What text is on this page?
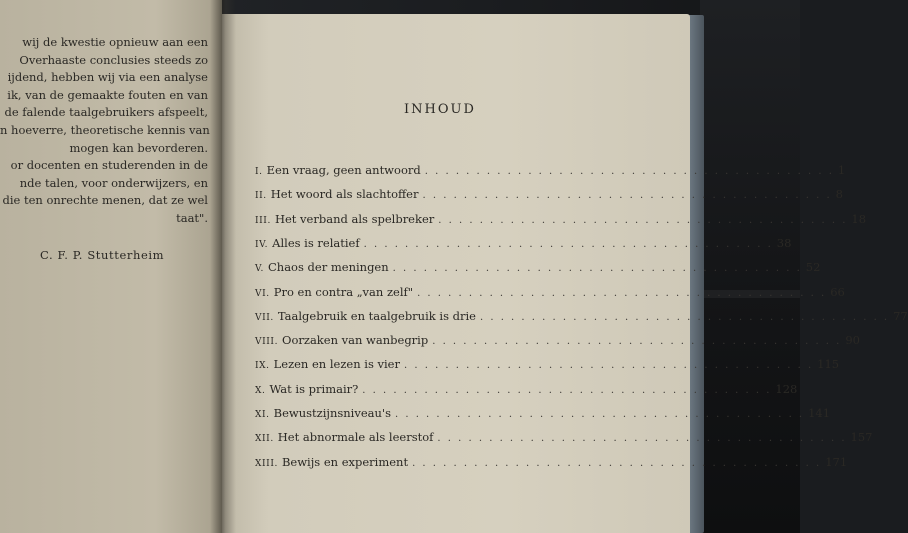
wij de kwestie opnieuw aan een
Overhaaste conclusies steeds zo
ijdend, hebben wij via een analyse
ik, van de gemaakte fouten en van
de falende taalgebruikers afspeelt,
n hoeverre, theoretische kennis van
mogen kan bevorderen.
or docenten en studerenden in de
nde talen, voor onderwijzers, en
die ten onrechte menen, dat ze wel
taat".
C. F. P. Stutterheim
INHOUD
I. Een vraag, geen antwoord . . . . . . . . . . . . . . . . . . . . . . . . . . . . . . . . . . . . . . . . 1
II. Het woord als slachtoffer . . . . . . . . . . . . . . . . . . . . . . . . . . . . . . . . . . . . . . . . 8
III. Het verband als spelbreker . . . . . . . . . . . . . . . . . . . . . . . . . . . . . . . . . . . . . . . . 18
IV. Alles is relatief . . . . . . . . . . . . . . . . . . . . . . . . . . . . . . . . . . . . . . . . 38
V. Chaos der meningen . . . . . . . . . . . . . . . . . . . . . . . . . . . . . . . . . . . . . . . . 52
VI. Pro en contra „van zelf" . . . . . . . . . . . . . . . . . . . . . . . . . . . . . . . . . . . . . . . . 66
VII. Taalgebruik en taalgebruik is drie . . . . . . . . . . . . . . . . . . . . . . . . . . . . . . . . . . . . . . . . 77
VIII. Oorzaken van wanbegrip . . . . . . . . . . . . . . . . . . . . . . . . . . . . . . . . . . . . . . . . 90
IX. Lezen en lezen is vier . . . . . . . . . . . . . . . . . . . . . . . . . . . . . . . . . . . . . . . . 115
X. Wat is primair? . . . . . . . . . . . . . . . . . . . . . . . . . . . . . . . . . . . . . . . . 128
XI. Bewustzijnsniveau's . . . . . . . . . . . . . . . . . . . . . . . . . . . . . . . . . . . . . . . . 141
XII. Het abnormale als leerstof . . . . . . . . . . . . . . . . . . . . . . . . . . . . . . . . . . . . . . . . 157
XIII. Bewijs en experiment . . . . . . . . . . . . . . . . . . . . . . . . . . . . . . . . . . . . . . . . 171
